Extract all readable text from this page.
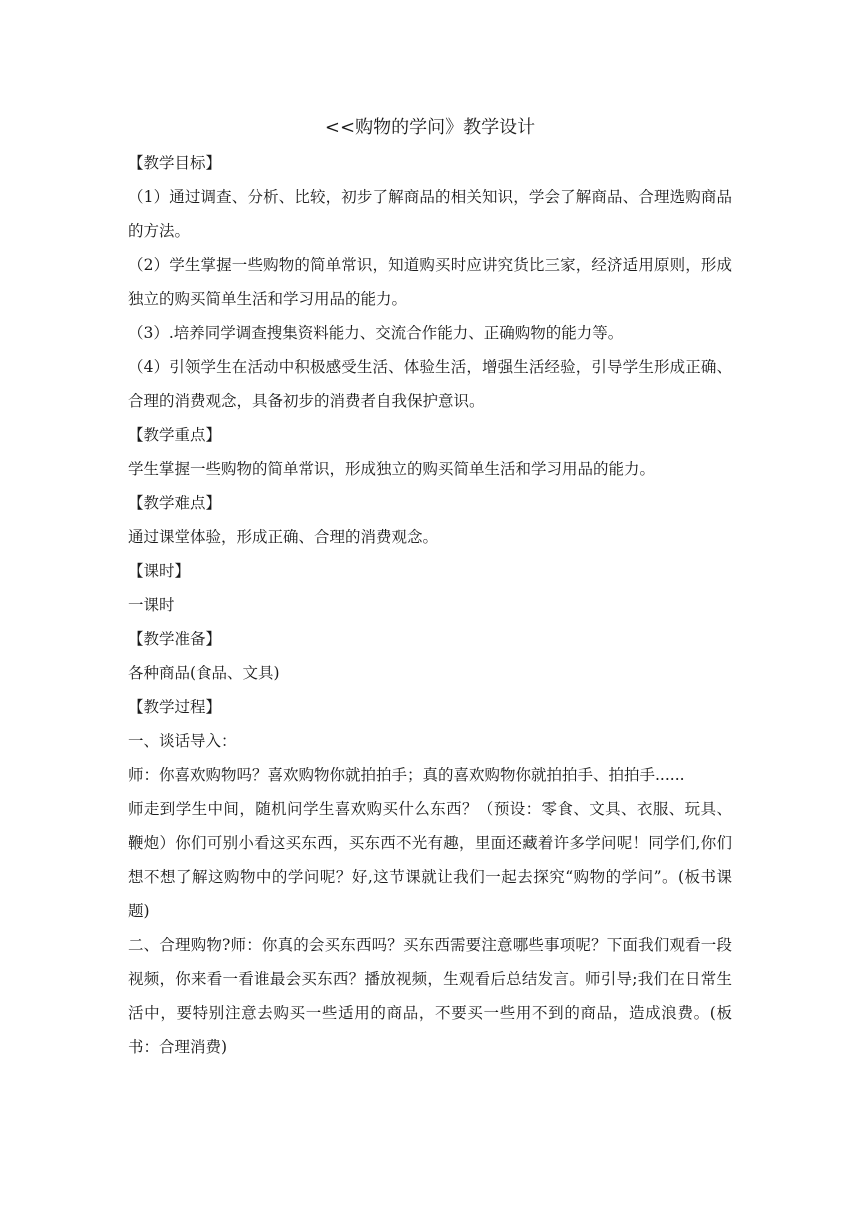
<<购物的学问》教学设计

【教学目标】

（1）通过调查、分析、比较，初步了解商品的相关知识，学会了解商品、合理选购商品的方法。

（2）学生掌握一些购物的简单常识，知道购买时应讲究货比三家，经济适用原则，形成独立的购买简单生活和学习用品的能力。

（3）.培养同学调查搜集资料能力、交流合作能力、正确购物的能力等。

（4）引领学生在活动中积极感受生活、体验生活，增强生活经验，引导学生形成正确、合理的消费观念，具备初步的消费者自我保护意识。

【教学重点】

学生掌握一些购物的简单常识，形成独立的购买简单生活和学习用品的能力。

【教学难点】

通过课堂体验，形成正确、合理的消费观念。

【课时】

一课时

【教学准备】

各种商品(食品、文具)

【教学过程】

一、谈话导入：

师：你喜欢购物吗？喜欢购物你就拍拍手；真的喜欢购物你就拍拍手、拍拍手......

师走到学生中间，随机问学生喜欢购买什么东西？（预设：零食、文具、衣服、玩具、鞭炮）你们可别小看这买东西，买东西不光有趣，里面还藏着许多学问呢！同学们,你们想不想了解这购物中的学问呢？好,这节课就让我们一起去探究“购物的学问”。(板书课题)

二、合理购物?师：你真的会买东西吗？买东西需要注意哪些事项呢？下面我们观看一段视频，你来看一看谁最会买东西？播放视频，生观看后总结发言。师引导;我们在日常生活中，要特别注意去购买一些适用的商品，不要买一些用不到的商品，造成浪费。(板书：合理消费)
